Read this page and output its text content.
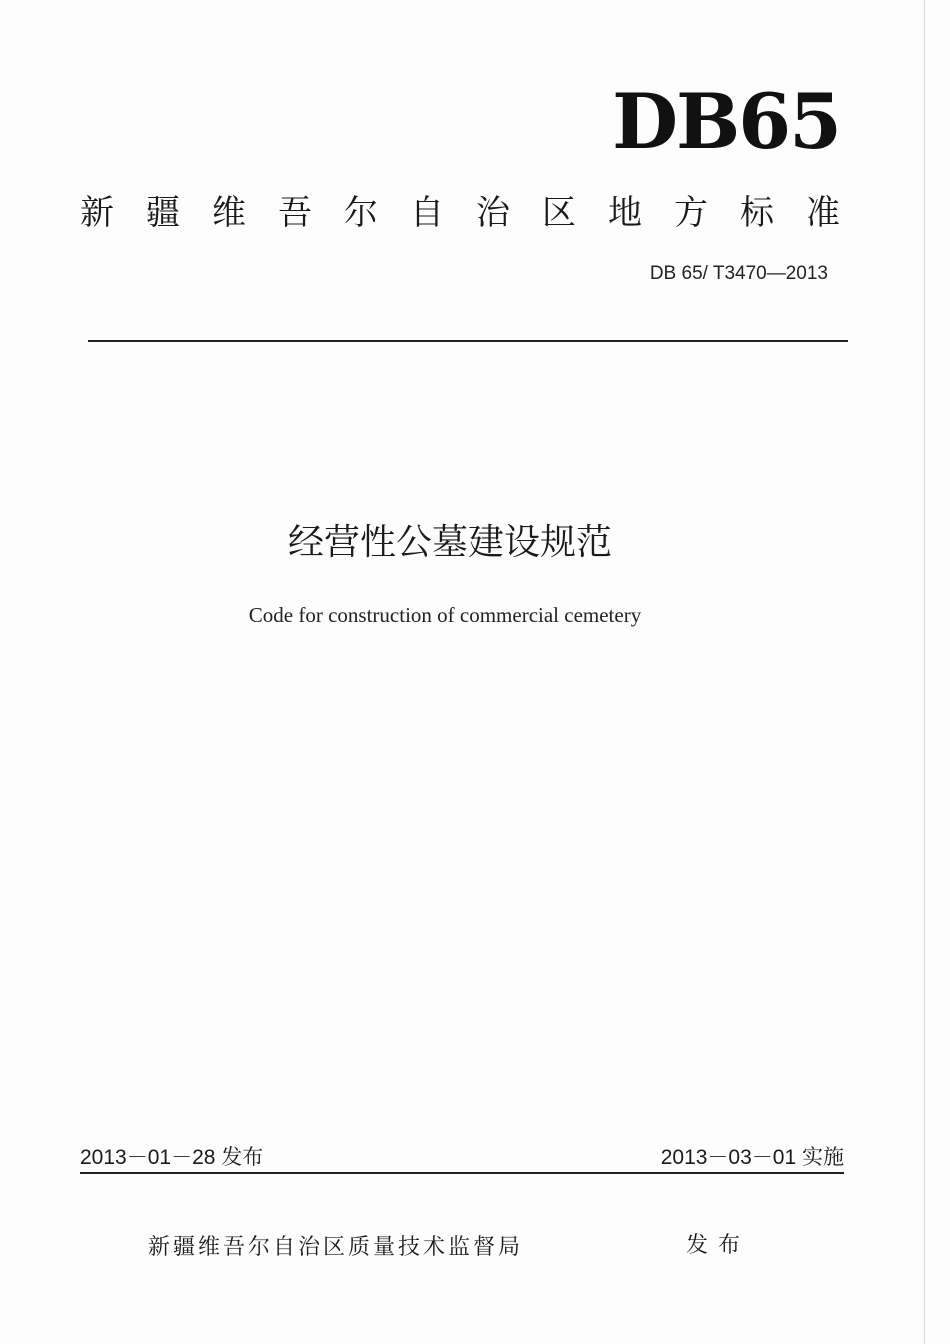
DB65
新疆维吾尔自治区地方标准
DB 65/ T3470—2013
经营性公墓建设规范
Code for construction of commercial cemetery
2013－01－28 发布	2013－03－01 实施
新疆维吾尔自治区质量技术监督局	发布
